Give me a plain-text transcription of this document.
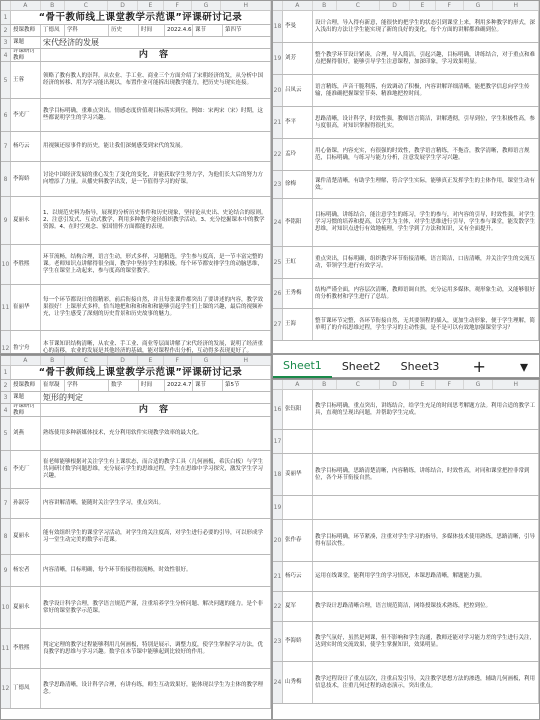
A	B	C	D	E	F	G	H
1	“骨干教师线上课堂教学示范课”评课研讨记录
2	授课教师	丁德凤	学科	历史	时间	2022.4.6 课节	第四节
3	课题	宋代经济的发展
4
评课研讨教师	内 容
5	王蓉
领略了教有教人的崇拜。从农业、手工业、商业三个方面介绍了宋朝经济的发，从分析中国经济的转移、用为学习能出现以，布置作业可能拆出现教学能力，把历史与现实连接。
6	李光厂
教学目标明确，重难点突出。情感态度价值观目标落实到位，例如：宋两宋（宋）时期，这些都说明学生的学习兴趣。
7	杨巧云	用视频还原事件的历史，能让我们深刻感受到宋代的发展。
8	李海娇
讨论中国经济发展的重心发生了变化的变化，并能获取学生努力学，为他们长大后的努力方向增添了力量。从播史料教学出发，是一节值得学习的好课。
9	夏丽永
1、以规范史料为指导，展现的分析历史事件和历史现象，坚持论从史出、史论结合的原则。2、注意引发式、互动式教学，利用多种教学途径组织教学活动。3、充分挖掘课本中的教学资源。4、在时空观念、家国情怀方面都能的表现。
10 李胜熙
环节流畅，结构合理，语言生动，形式多样，习题精选，学生参与度高，是一节丰富完整的课。老师知识点讲解得很全面，教学中坚持学生的积极。每个环节都安排学生的动脑思维，学生在课堂上动起来，参与度高的课堂教学。
11 崔丽华
每一个环节都设计的很精彩，前后衔接自然，并且每张课件都突出了要讲述的内容，教学效果很好！上课形式多样，恰当地把和和和和和和能够引起学生们上课的兴趣，最后的视频补充，让学生感受了深刻的历史背景和历史故事的魅力。
12 鲁宁舟
本节课知识结构清晰，从农业、手工业、商业等层面讲解了宋代经济的发展，说明了经济重心的南移，农业的发展是其他经济的基础，能对课程作出分析，互动得多表现更好了。
A	B	C	D	E	F	G	H
1	“骨干教师线上课堂教学示范课”评课研讨记录
2	授课教师	崔翠凝	学科	数学	时间	2022.4.7 课节	第5节
3	课题	矩形的判定
4
评课研讨教师	内 容
5	刘燕	熟练使用多种新媒体技术，充分利用软件实现教学效率的最大化。
6	李光厂
崔老师能够根据对关注学生有上课状态，而合适的教学工具（几何画板，希沃白板）与学生共同研讨数学问题思维，充分展示学生的思维过程，学生在思维中学习探究，激发学生学习兴趣。
7	孙淑芬	内容讲解清晰，能随时关注学生学习，重点突出。
8	夏丽永
能有效组织学生的课堂学习活动，对学生的关注度高，对学生进行必要的引导，可以形成学习一堂生动完美的数学示范课。
9	杨宏者	内容清晰，目标明确，每个环节衔接得很流畅，时效性很好。
10 夏丽永
教学设计科学合理，教学语言规范严谨，注重培养学生分析问题、解决问题的能力。是个非常好的课堂教学示范课。
11 李胜熙
判定定理的教学过程能够利用几何画板，特别是展示，调整力度，使学生掌握学习方法，优良教学的思维与学习兴趣。数学在本节课中能够起到比较好的作用。
12 丁德凤
教学思路清晰，设计科学合理，有讲有练，师生互动效果好，能体现以学生为主体的教学理念。
A	B	C	D	E	F	G	H
18 李曼
设计合理，导入得有新意，能很快的把学生的状态引到课堂上来，利用多种教学的形式，深入浅出的方法让学生能实现了新的良好的变化，每个方面的讲解都准确到位。
19 刘芳
整个教学环节设计紧凑，合理，导入简洁，引起兴趣，目标明确，讲练结合，对于重点和难点把握得很好，能够引导学生注意课程，加深印象，学习效果明显。
20 吕凤云
语言精练，声音干脆利落，有效调动了积极，内容讲解详细清晰，能把教学信息向学生传输，能准确把握课堂节奏、精准地把控时间。
21 李平
思路清晰，设计科学，时效性强，教师语言简洁，讲解透彻，引导到位，学生积极性高，参与度很高，对知识掌握得很扎实。
22 孟玲
用心备课，内容充实，有很强的时效性，教学语言精练，不拖沓，教学清晰，教师语言规范，目标明确，与练习与能力分析，注意发展学生学习兴趣。
23 徐梅
课件清楚清晰，有助学生理解，符合学生实际，能够真正发挥学生的主体作用，课堂生动有效。
24 李铭阳
目标明确，讲练结合，能注意学生的练习，学生的参与，对内容的引导，时效性强，对学生学习习惯的培养和提高，以学生为主体，对学生思维进行引导，学生参与课堂，能发散学生思维，对知识点进行有效地梳理，学生学到了方法和知识，又有全面提升。
25 王虹
重点突出，目标明确，组织教学环节衔接清晰，语言简洁，口齿清晰，并关注学生的交流互动，带领学生进行有效学习。
26 王秀梅
结构严谨全面，内容层次清晰，教师语调自然，充分运用多媒体，观形象生动，又能够很好的分析教材和学生进行了总结。
27 王海
整节课环节完整，各环节衔接自然，无其要领程的插入，更加生动形象，便于学生理解，简单明了的介绍思维过程，学生学习的主动性强，是不是可以有效地加强课堂学习？
Sheet1	Sheet2	Sheet3	+	▾
A	B	C	D	E	F	G	H
16 张钰阳
教学目标明确，重点突出，讲练结合，给学生充足的时间思考解题方法。利用合适的教学工具，直观的呈现出问题，并帮助学生完成。
17
18 姜丽华
教学目标明确，思路清楚清晰，内容精练，讲练结合，时效性高，对同和课堂把控非常到位，各个环节衔接自然。
19
20 张作春
教学目标明确，环节紧凑，注重对学生学习的指导，多媒体技术使用熟练，思路清晰，引导得有层次性。
21 杨巧云	运用在线课堂，能利用学生的学习情况，本课思路清晰，解题能力强。
22 夏军	教学设计思路清晰合理，语言规范简洁，网络授课技术熟练，把控到位。
23 李海娇
教学气氛好，虽然是网课，但不影响和学生沟通，教师还能对学习能力差的学生进行关注，达到实时的交流效果，使学生掌握知识，效果明显。
24 山秀梅
教学过程设计了重点层次，注重启发引导，关注教学思想方法的渗透，辅助几何画板，利用信息技术，注重几何过程的动态演示，突出重点。
